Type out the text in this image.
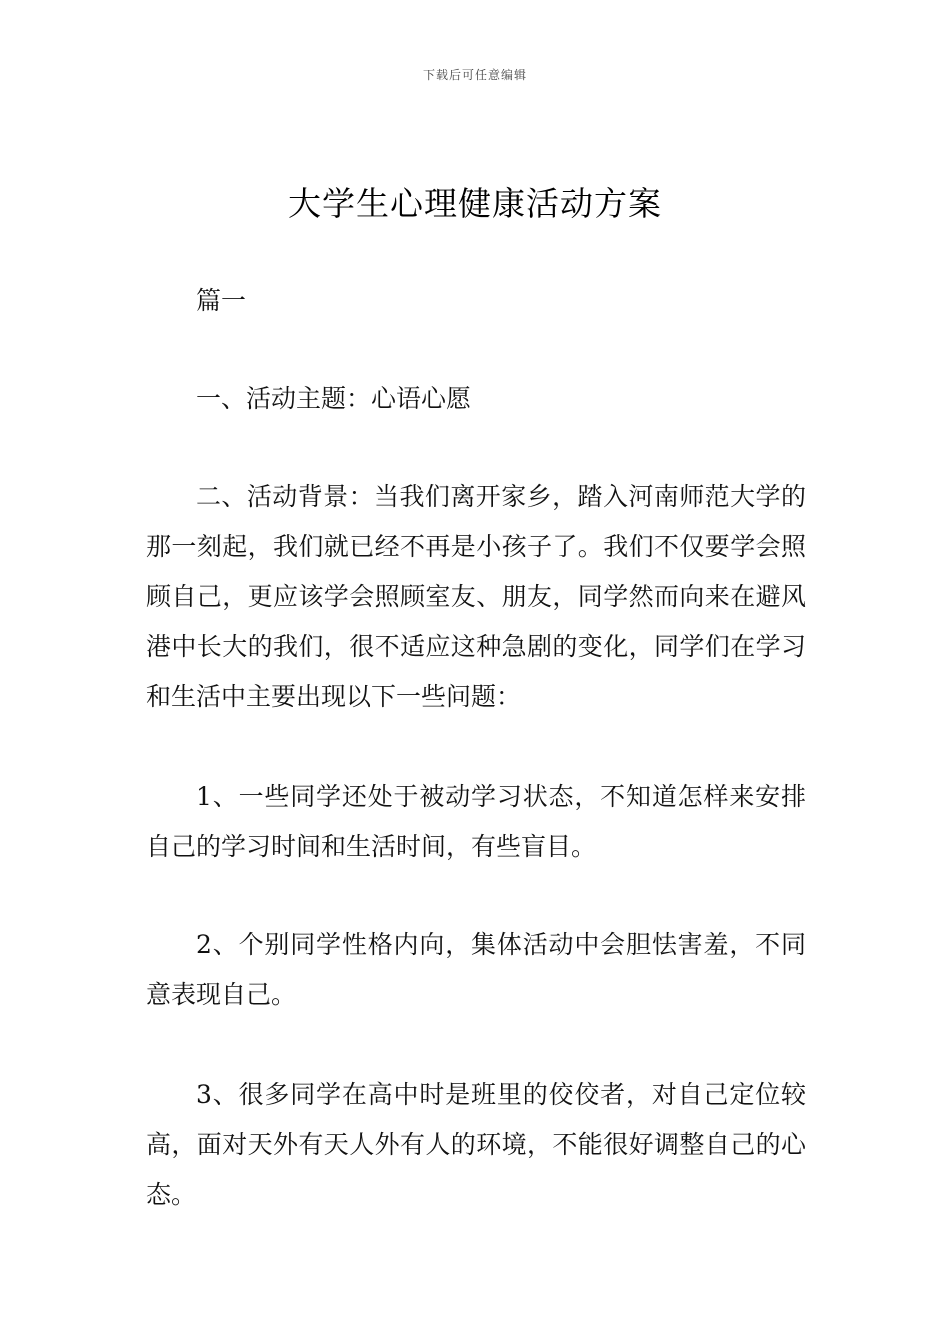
下载后可任意编辑
大学生心理健康活动方案

篇一

一、活动主题：心语心愿

二、活动背景：当我们离开家乡，踏入河南师范大学的那一刻起，我们就已经不再是小孩子了。我们不仅要学会照顾自己，更应该学会照顾室友、朋友，同学然而向来在避风港中长大的我们，很不适应这种急剧的变化，同学们在学习和生活中主要出现以下一些问题：

1、一些同学还处于被动学习状态，不知道怎样来安排自己的学习时间和生活时间，有些盲目。

2、个别同学性格内向，集体活动中会胆怯害羞，不同意表现自己。

3、很多同学在高中时是班里的佼佼者，对自己定位较高，面对天外有天人外有人的环境，不能很好调整自己的心态。
